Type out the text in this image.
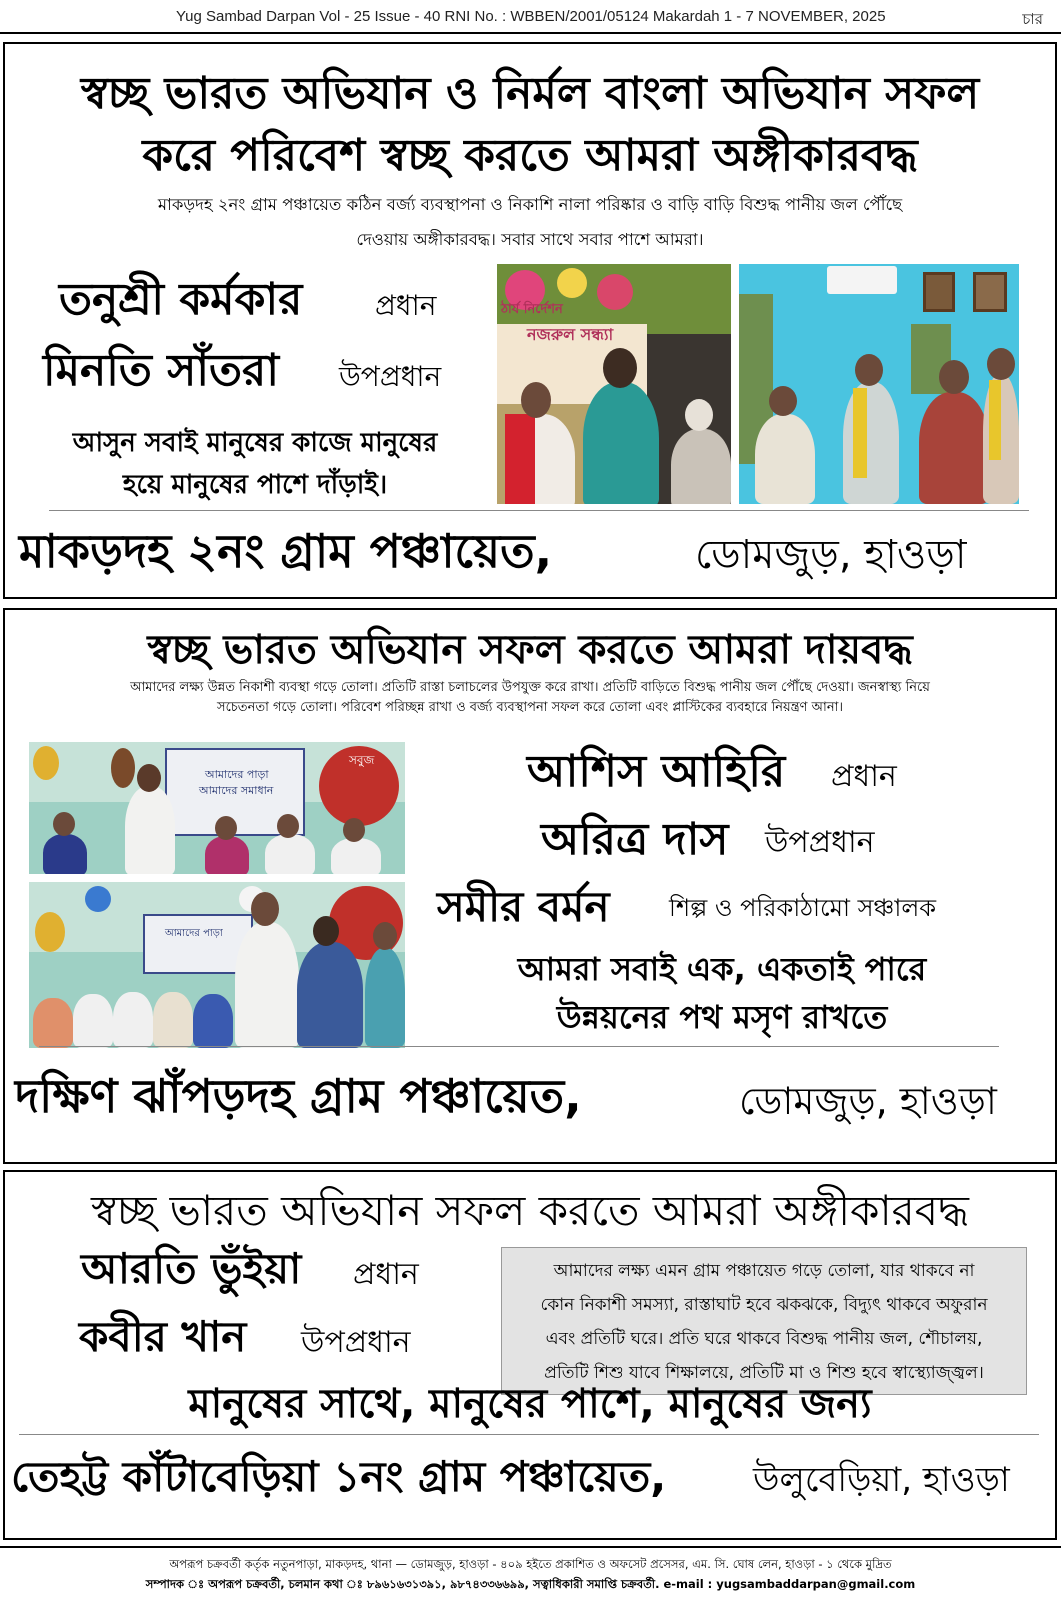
Yug Sambad Darpan Vol - 25 Issue - 40 RNI No. : WBBEN/2001/05124 Makardah 1 - 7 NOVEMBER, 2025	চার
স্বচ্ছ ভারত অভিযান ও নির্মল বাংলা অভিযান সফল
করে পরিবেশ স্বচ্ছ করতে আমরা অঙ্গীকারবদ্ধ
মাকড়দহ ২নং গ্রাম পঞ্চায়েত কঠিন বর্জ্য ব্যবস্থাপনা ও নিকাশি নালা পরিষ্কার ও বাড়ি বাড়ি বিশুদ্ধ পানীয় জল পৌঁছে
দেওয়ায় অঙ্গীকারবদ্ধ। সবার সাথে সবার পাশে আমরা।
তনুশ্রী কর্মকার	প্রধান
মিনতি সাঁতরা উপপ্রধান
আসুন সবাই মানুষের কাজে মানুষের
হয়ে মানুষের পাশে দাঁড়াই।
ঠার্য নির্দেশন
নজরুল সন্ধ্যা
মাকড়দহ ২নং গ্রাম পঞ্চায়েত,	ডোমজুড়, হাওড়া
স্বচ্ছ ভারত অভিযান সফল করতে আমরা দায়বদ্ধ
আমাদের লক্ষ্য উন্নত নিকাশী ব্যবস্থা গড়ে তোলা। প্রতিটি রাস্তা চলাচলের উপযুক্ত করে রাখা। প্রতিটি বাড়িতে বিশুদ্ধ পানীয় জল পৌঁছে দেওয়া। জনস্বাস্থ্য নিয়ে
সচেতনতা গড়ে তোলা। পরিবেশ পরিচ্ছন্ন রাখা ও বর্জ্য ব্যবস্থাপনা সফল করে তোলা এবং প্লাস্টিকের ব্যবহারে নিয়ন্ত্রণ আনা।
আমাদের পাড়া
আমাদের সমাধান
সবুজ
আমাদের পাড়া
আশিস আহিরি প্রধান
অরিত্র দাস উপপ্রধান
সমীর বর্মন শিল্প ও পরিকাঠামো সঞ্চালক
আমরা সবাই এক, একতাই পারে
উন্নয়নের পথ মসৃণ রাখতে
দক্ষিণ ঝাঁপড়দহ গ্রাম পঞ্চায়েত,	ডোমজুড়, হাওড়া
স্বচ্ছ ভারত অভিযান সফল করতে আমরা অঙ্গীকারবদ্ধ
আরতি ভুঁইয়া প্রধান
কবীর খান উপপ্রধান
আমাদের লক্ষ্য এমন গ্রাম পঞ্চায়েত গড়ে তোলা, যার থাকবে না
কোন নিকাশী সমস্যা, রাস্তাঘাট হবে ঝকঝকে, বিদ্যুৎ থাকবে অফুরান
এবং প্রতিটি ঘরে। প্রতি ঘরে থাকবে বিশুদ্ধ পানীয় জল, শৌচালয়,
প্রতিটি শিশু যাবে শিক্ষালয়ে, প্রতিটি মা ও শিশু হবে স্বাস্থ্যোজ্জ্বল।
মানুষের সাথে, মানুষের পাশে, মানুষের জন্য
তেহট্ট কাঁটাবেড়িয়া ১নং গ্রাম পঞ্চায়েত,	উলুবেড়িয়া, হাওড়া
অপরূপ চক্রবর্তী কর্তৃক নতুনপাড়া, মাকড়দহ, থানা — ডোমজুড়, হাওড়া - ৪০৯ হইতে প্রকাশিত ও অফসেট প্রসেসর, এম. সি. ঘোষ লেন, হাওড়া - ১ থেকে মুদ্রিত
সম্পাদক ঃ অপরূপ চক্রবর্তী, চলমান কথা ঃ ৮৯৬১৬৩১৩৯১, ৯৮৭৪৩৩৬৬৯৯, সত্বাধিকারী সমাপ্তি চক্রবর্তী. e-mail : yugsambaddarpan@gmail.com
